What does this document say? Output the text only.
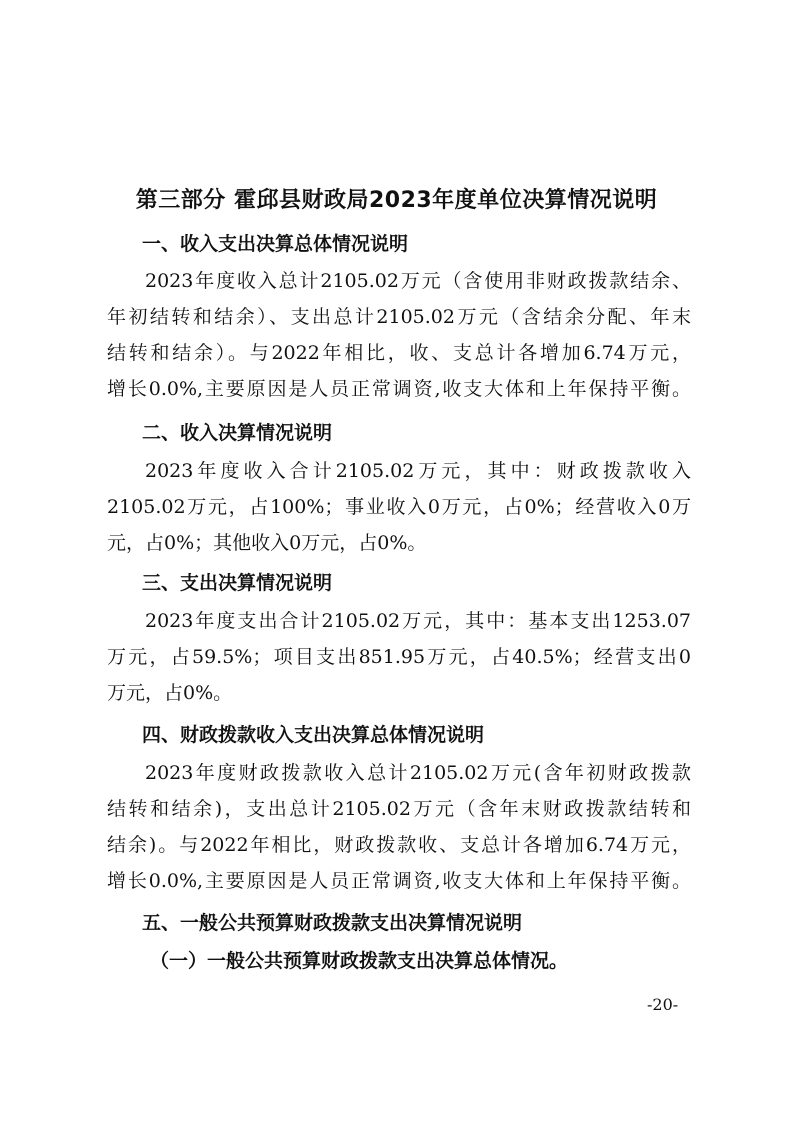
第三部分 霍邱县财政局2023年度单位决算情况说明
一、收入支出决算总体情况说明
2023年度收入总计2105.02万元（含使用非财政拨款结余、
年初结转和结余）、支出总计2105.02万元（含结余分配、年末
结转和结余）。与2022年相比，收、支总计各增加6.74万元，
增长0.0%,主要原因是人员正常调资,收支大体和上年保持平衡。
二、收入决算情况说明
2023年度收入合计2105.02万元，其中：财政拨款收入
2105.02万元，占100%；事业收入0万元，占0%；经营收入0万
元，占0%；其他收入0万元，占0%。
三、支出决算情况说明
2023年度支出合计2105.02万元，其中：基本支出1253.07
万元，占59.5%；项目支出851.95万元，占40.5%；经营支出0
万元，占0%。
四、财政拨款收入支出决算总体情况说明
2023年度财政拨款收入总计2105.02万元(含年初财政拨款
结转和结余)，支出总计2105.02万元（含年末财政拨款结转和
结余)。与2022年相比，财政拨款收、支总计各增加6.74万元，
增长0.0%,主要原因是人员正常调资,收支大体和上年保持平衡。
五、一般公共预算财政拨款支出决算情况说明
（一）一般公共预算财政拨款支出决算总体情况。
-20-
